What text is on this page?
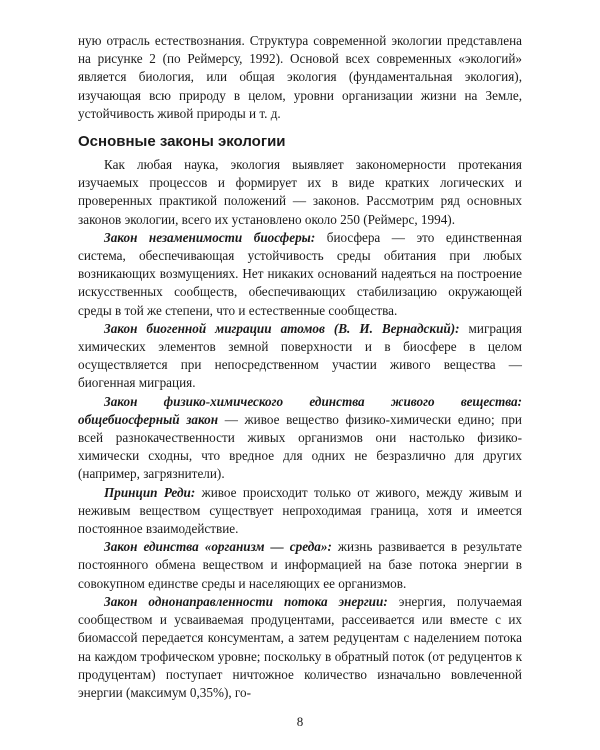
ную отрасль естествознания. Структура современной экологии представлена на рисунке 2 (по Реймерсу, 1992). Основой всех современных «экологий» является биология, или общая экология (фундаментальная экология), изучающая всю природу в целом, уровни организации жизни на Земле, устойчивость живой природы и т. д.

Основные законы экологии

Как любая наука, экология выявляет закономерности протекания изучаемых процессов и формирует их в виде кратких логических и проверенных практикой положений — законов. Рассмотрим ряд основных законов экологии, всего их установлено около 250 (Реймерс, 1994).

Закон незаменимости биосферы: биосфера — это единственная система, обеспечивающая устойчивость среды обитания при любых возникающих возмущениях. Нет никаких оснований надеяться на построение искусственных сообществ, обеспечивающих стабилизацию окружающей среды в той же степени, что и естественные сообщества.

Закон биогенной миграции атомов (В. И. Вернадский): миграция химических элементов земной поверхности и в биосфере в целом осуществляется при непосредственном участии живого вещества — биогенная миграция.

Закон физико-химического единства живого вещества: общебиосферный закон — живое вещество физико-химически едино; при всей разнокачественности живых организмов они настолько физико-химически сходны, что вредное для одних не безразлично для других (например, загрязнители).

Принцип Реди: живое происходит только от живого, между живым и неживым веществом существует непроходимая граница, хотя и имеется постоянное взаимодействие.

Закон единства «организм — среда»: жизнь развивается в результате постоянного обмена веществом и информацией на базе потока энергии в совокупном единстве среды и населяющих ее организмов.

Закон однонаправленности потока энергии: энергия, получаемая сообществом и усваиваемая продуцентами, рассеивается или вместе с их биомассой передается консументам, а затем редуцентам с наделением потока на каждом трофическом уровне; поскольку в обратный поток (от редуцентов к продуцентам) поступает ничтожное количество изначально вовлеченной энергии (максимум 0,35%), го-

8
